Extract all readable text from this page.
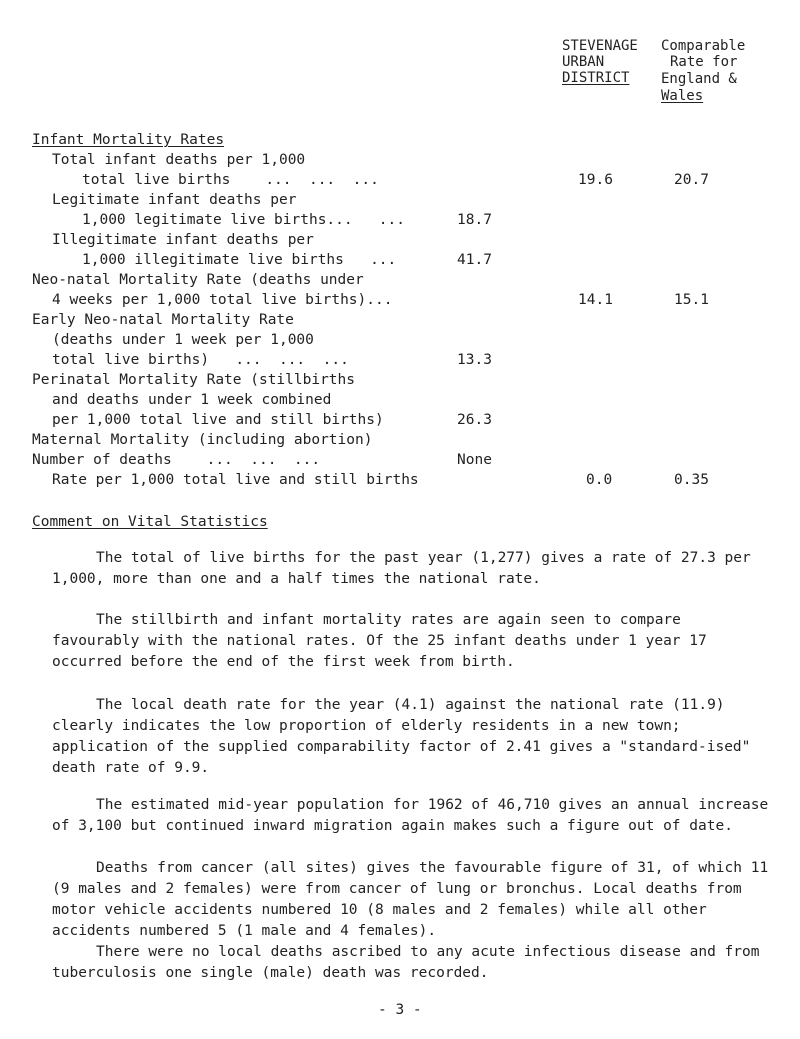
STEVENAGE
URBAN
DISTRICT
Comparable
Rate for
England &
Wales
Infant Mortality Rates
Total infant deaths per 1,000
total live births    ...  ...  ...	19.6	20.7
Legitimate infant deaths per
1,000 legitimate live births...   ...	18.7
Illegitimate infant deaths per
1,000 illegitimate live births   ...	41.7
Neo-natal Mortality Rate (deaths under
4 weeks per 1,000 total live births)...	14.1	15.1
Early Neo-natal Mortality Rate
(deaths under 1 week per 1,000
total live births)   ...  ...  ...	13.3
Perinatal Mortality Rate (stillbirths
and deaths under 1 week combined
per 1,000 total live and still births)	26.3
Maternal Mortality (including abortion)
Number of deaths    ...  ...  ...	None
Rate per 1,000 total live and still births	0.0	0.35
Comment on Vital Statistics
The total of live births for the past year (1,277) gives a rate of 27.3 per 1,000, more than one and a half times the national rate.
The stillbirth and infant mortality rates are again seen to compare favourably with the national rates. Of the 25 infant deaths under 1 year 17 occurred before the end of the first week from birth.
The local death rate for the year (4.1) against the national rate (11.9) clearly indicates the low proportion of elderly residents in a new town; application of the supplied comparability factor of 2.41 gives a "standard-ised" death rate of 9.9.
The estimated mid-year population for 1962 of 46,710 gives an annual increase of 3,100 but continued inward migration again makes such a figure out of date.
Deaths from cancer (all sites) gives the favourable figure of 31, of which 11 (9 males and 2 females) were from cancer of lung or bronchus. Local deaths from motor vehicle accidents numbered 10 (8 males and 2 females) while all other accidents numbered 5 (1 male and 4 females).
There were no local deaths ascribed to any acute infectious disease and from tuberculosis one single (male) death was recorded.
- 3 -
